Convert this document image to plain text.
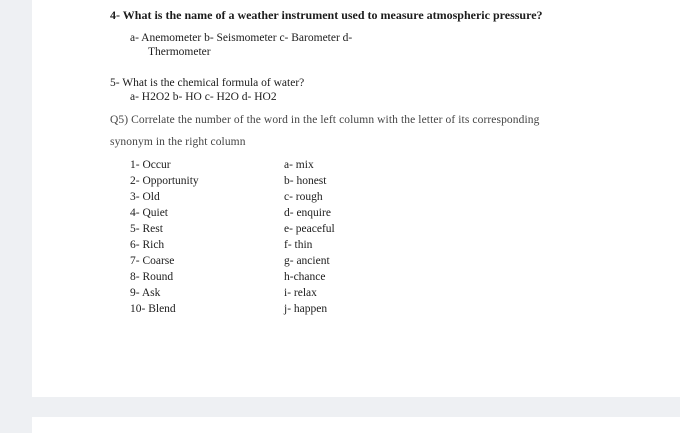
4- What is the name of a weather instrument used to measure atmospheric pressure?
a- Anemometer b- Seismometer c- Barometer d-
Thermometer
5- What is the chemical formula of water?
a- H2O2 b- HO c- H2O d- HO2
Q5) Correlate the number of the word in the left column with the letter of its corresponding
synonym in the right column
1- Occur
2- Opportunity
3- Old
4- Quiet
5- Rest
6- Rich
7- Coarse
8- Round
9- Ask
10- Blend
a- mix
b- honest
c- rough
d- enquire
e- peaceful
f- thin
g- ancient
h-chance
i- relax
j- happen
